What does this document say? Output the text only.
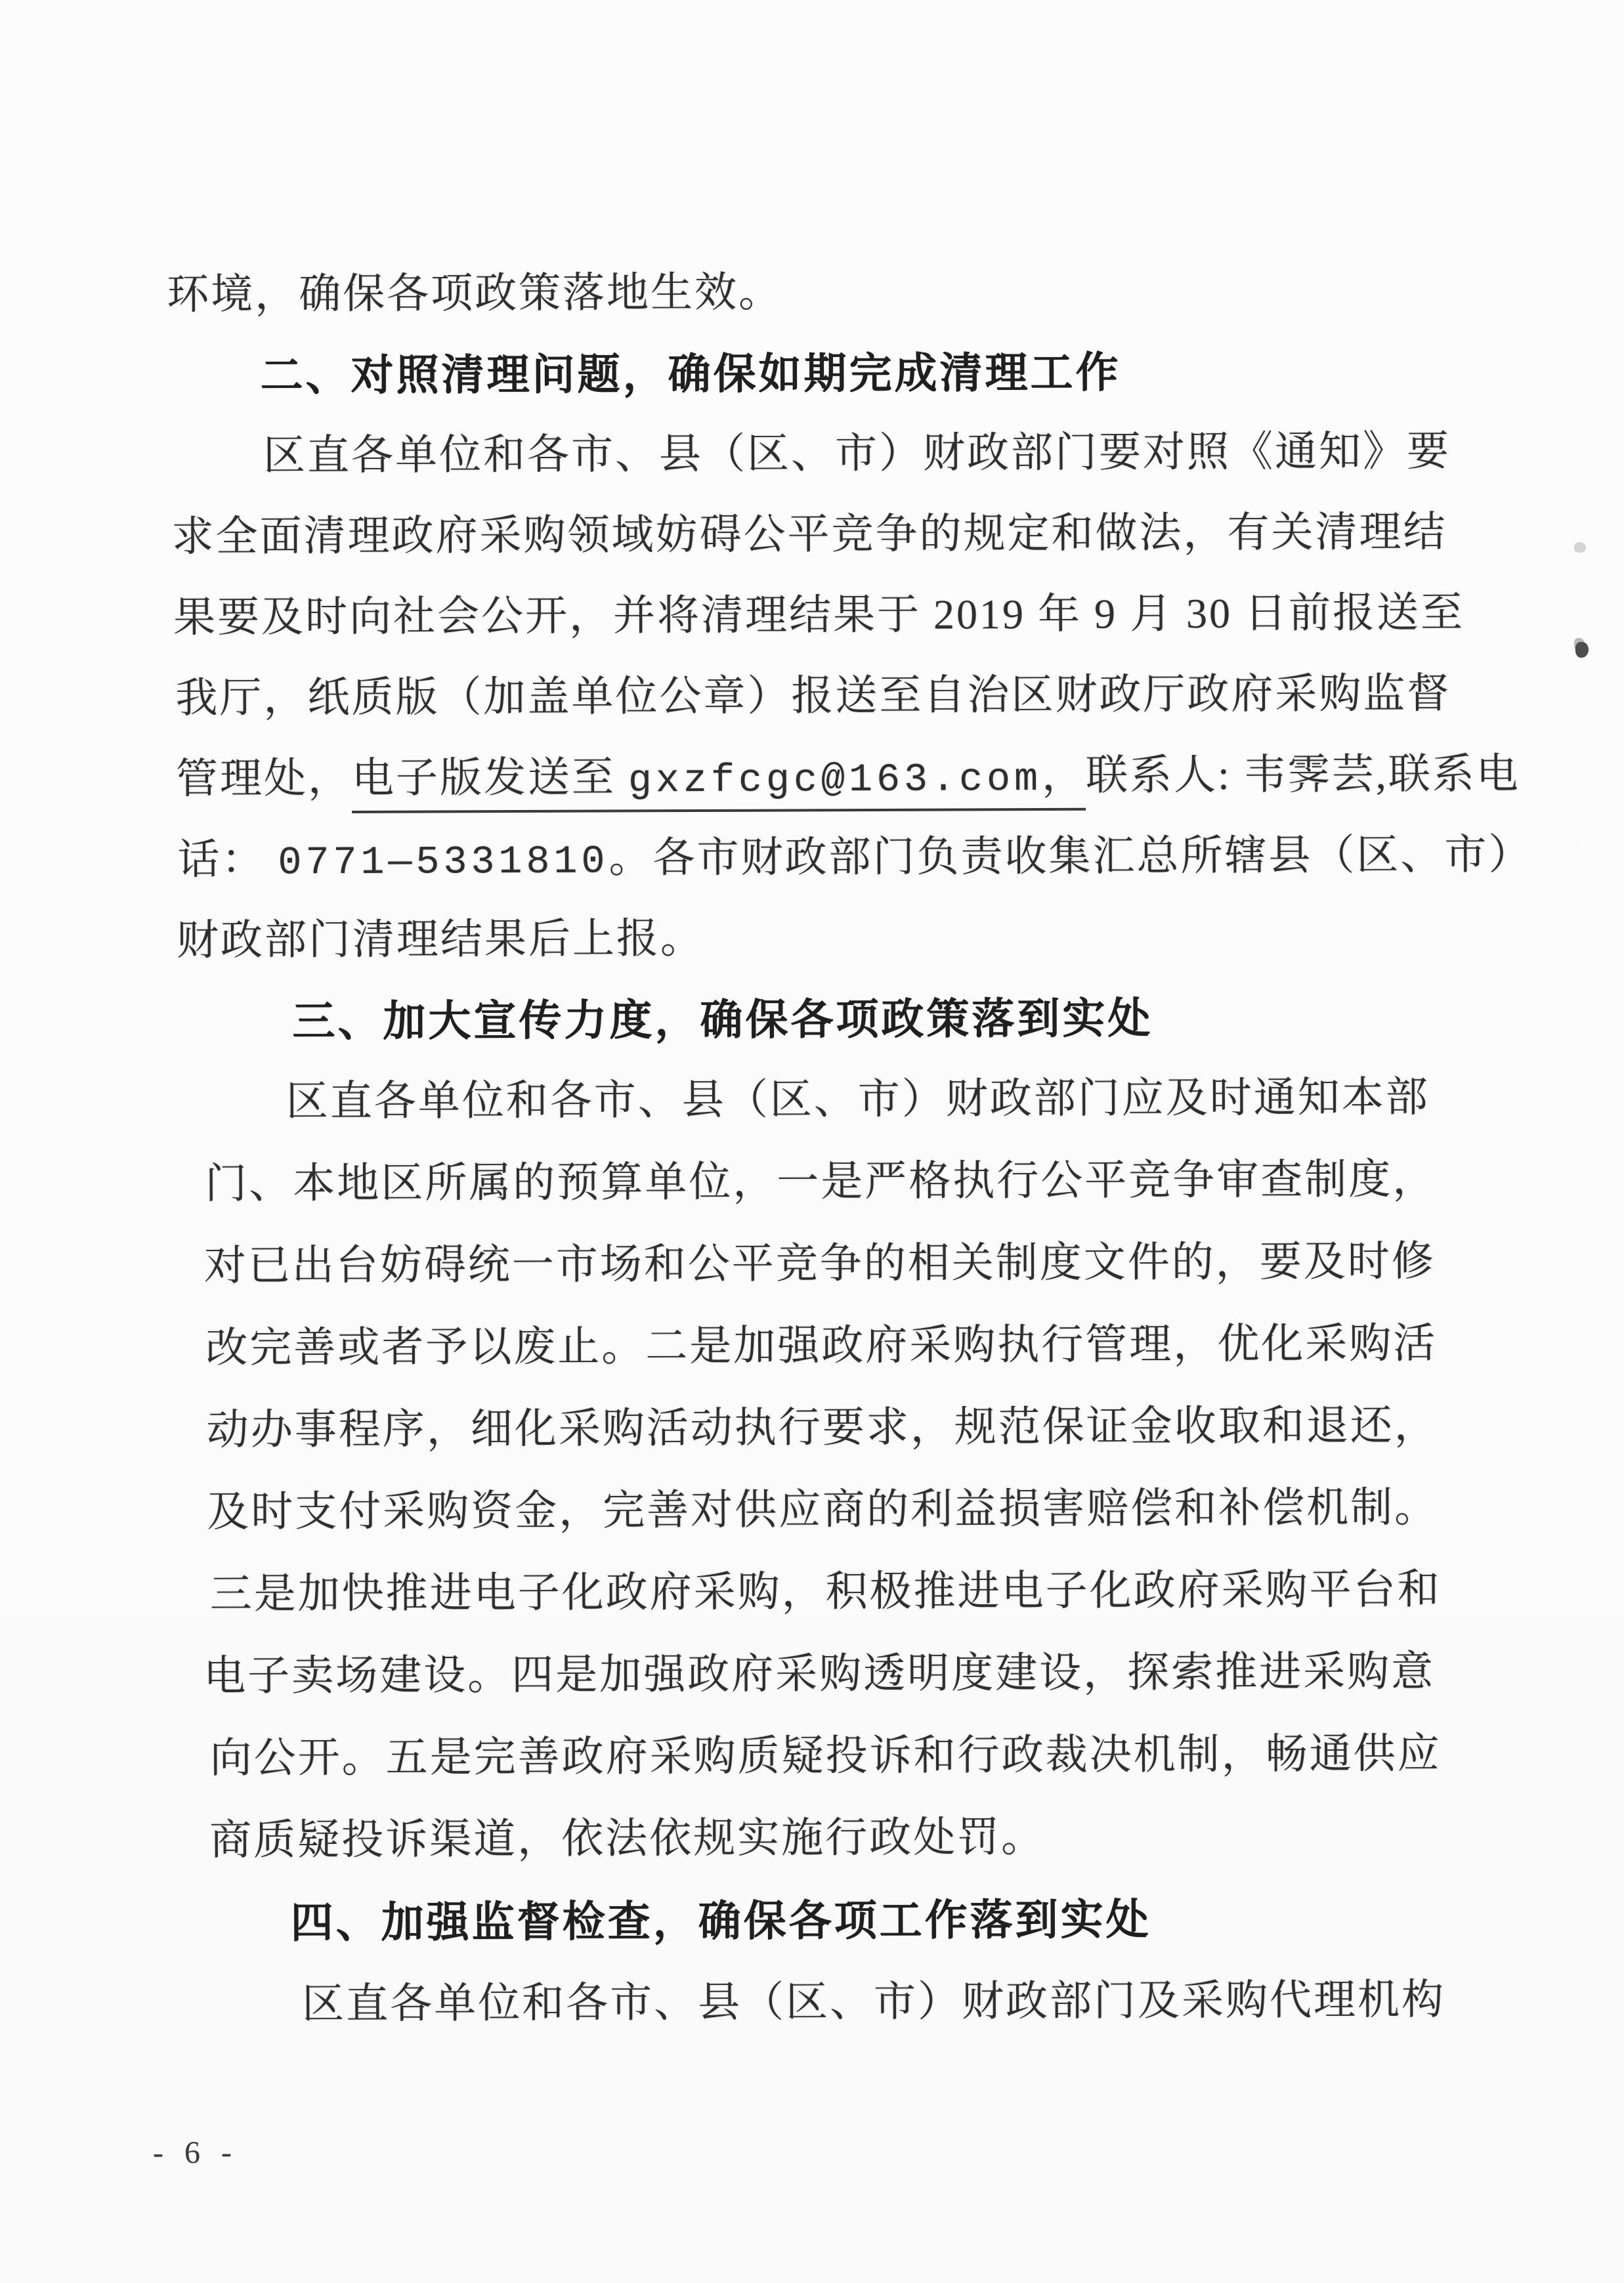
环境，确保各项政策落地生效。
二、对照清理问题，确保如期完成清理工作
区直各单位和各市、县（区、市）财政部门要对照《通知》要
求全面清理政府采购领域妨碍公平竞争的规定和做法，有关清理结
果要及时向社会公开，并将清理结果于 2019 年 9 月 30 日前报送至
我厅，纸质版（加盖单位公章）报送至自治区财政厅政府采购监督
管理处，电子版发送至 gxzfcgc@163.com，联系人: 韦霁芸,联系电
话： 0771—5331810。各市财政部门负责收集汇总所辖县（区、市）
财政部门清理结果后上报。
三、加大宣传力度，确保各项政策落到实处
区直各单位和各市、县（区、市）财政部门应及时通知本部
门、本地区所属的预算单位，一是严格执行公平竞争审查制度，
对已出台妨碍统一市场和公平竞争的相关制度文件的，要及时修
改完善或者予以废止。二是加强政府采购执行管理，优化采购活
动办事程序，细化采购活动执行要求，规范保证金收取和退还，
及时支付采购资金，完善对供应商的利益损害赔偿和补偿机制。
三是加快推进电子化政府采购，积极推进电子化政府采购平台和
电子卖场建设。四是加强政府采购透明度建设，探索推进采购意
向公开。五是完善政府采购质疑投诉和行政裁决机制，畅通供应
商质疑投诉渠道，依法依规实施行政处罚。
四、加强监督检查，确保各项工作落到实处
区直各单位和各市、县（区、市）财政部门及采购代理机构
- 6 -
